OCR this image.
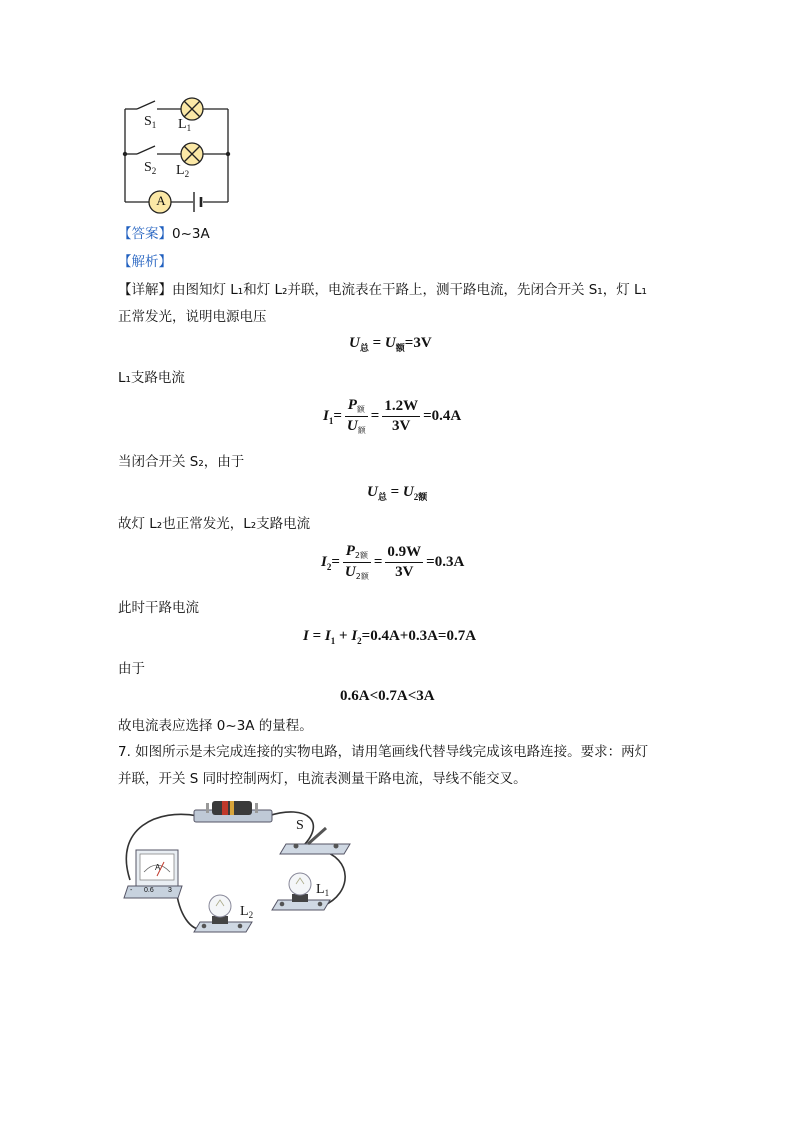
$S_1$ $L_1$
$S_2$ $L_2$
A
【答案】0~3A
【解析】
【详解】由图知灯 L₁和灯 L₂并联，电流表在干路上，测干路电流，先闭合开关 S₁，灯 L₁
正常发光，说明电源电压
$U_总 = U_额=3V$
L₁支路电流
$I_1= \frac{P_额}{U_额} = \frac{1.2W}{3V} =0.4A$
当闭合开关 S₂，由于
$U_总 = U_{2额}$
故灯 L₂也正常发光，L₂支路电流
$I_2= \frac{P_{2额}}{U_{2额}} = \frac{0.9W}{3V} =0.3A$
此时干路电流
$I = I_1 + I_2=0.4A+0.3A=0.7A$
由于
0.6A<0.7A<3A
故电流表应选择 0~3A 的量程。
7. 如图所示是未完成连接的实物电路，请用笔画线代替导线完成该电路连接。要求：两灯
并联，开关 S 同时控制两灯，电流表测量干路电流，导线不能交叉。
S
$L_1$
$L_2$
A
- 0.6 3
